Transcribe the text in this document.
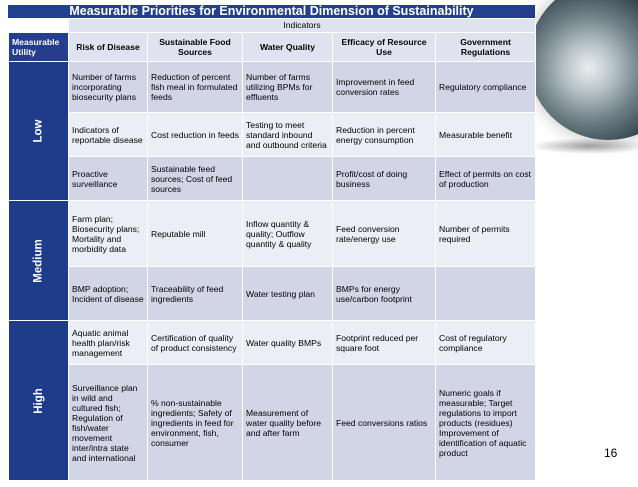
Measurable Priorities for Environmental Dimension of Sustainability
	Indicators				
Measurable Utility	Risk of Disease	Sustainable Food Sources	Water Quality	Efficacy of Resource Use	Government Regulations
Low	Number of farms incorporating biosecurity plans	Reduction of percent fish meal in formulated feeds	Number of farms utilizing BPMs for effluents	Improvement in feed conversion rates	Regulatory compliance
	Indicators of reportable disease	Cost reduction in feeds	Testing to meet standard inbound and outbound criteria	Reduction in percent energy consumption	Measurable benefit
	Proactive surveillance	Sustainable feed sources; Cost of feed sources		Profit/cost of doing business	Effect of permits on cost of production
Medium	Farm plan; Biosecurity plans; Mortality and morbidity data	Reputable mill	Inflow quantity & quality; Outflow quantity & quality	Feed conversion rate/energy use	Number of permits required
	BMP adoption; Incident of disease	Traceability of feed ingredients	Water testing plan	BMPs for energy use/carbon footprint	
High	Aquatic animal health plan/risk management	Certification of quality of product consistency	Water quality BMPs	Footprint reduced per square foot	Cost of regulatory compliance
	Surveillance plan in wild and cultured fish; Regulation of fish/water movement inter/intra state and international	% non-sustainable ingredients; Safety of ingredients in feed for environment, fish, consumer	Measurement of water quality before and after farm	Feed conversions ratios	Numeric goals if measurable; Target regulations to import products (residues) Improvement of identification of aquatic product	16
